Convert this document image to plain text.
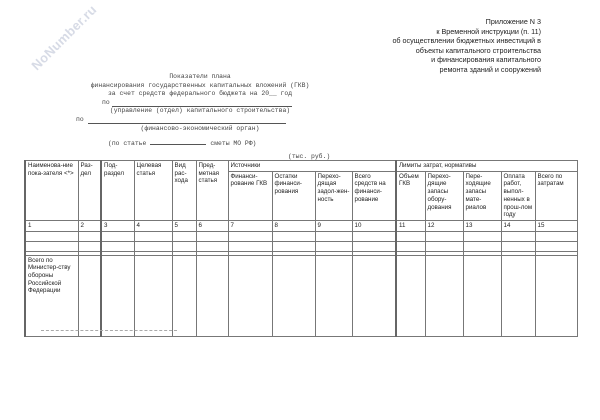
NoNumber.ru	Приложение N 3
к Временной инструкции (п. 11)
об осуществлении бюджетных инвестиций в
объекты капитального строительства
и финансирования капитального
ремонта зданий и сооружений
Показатели плана
финансирования государственных капитальных вложений (ГКВ)
за счет средств федерального бюджета на 20__ год
по
(управление (отдел) капитального строительства)
по
(финансово-экономический орган)
(по статье	сметы МО РФ)
(тыс. руб.)
Наименова-ние пока-зателя <*>	Раз-дел	Под-раздел	Целевая статья	Вид рас-хода	Пред-метная статья	Источники				Лимиты затрат, нормативы				
						Финанси-рование ГКВ	Остатки финанси-рования	Перехо-дящая задол-жен-ность	Всего средств на финанси-рование	Объем ГКВ	Перехо-дящие запасы обору-дования	Пере-ходящие запасы мате-риалов	Оплата работ, выпол-ненных в прош-лом году	Всего по затратам
1	2	3	4	5	6	7	8	9	10	11	12	13	14	15

Всего по Министер-ству обороны Российской Федерации														
